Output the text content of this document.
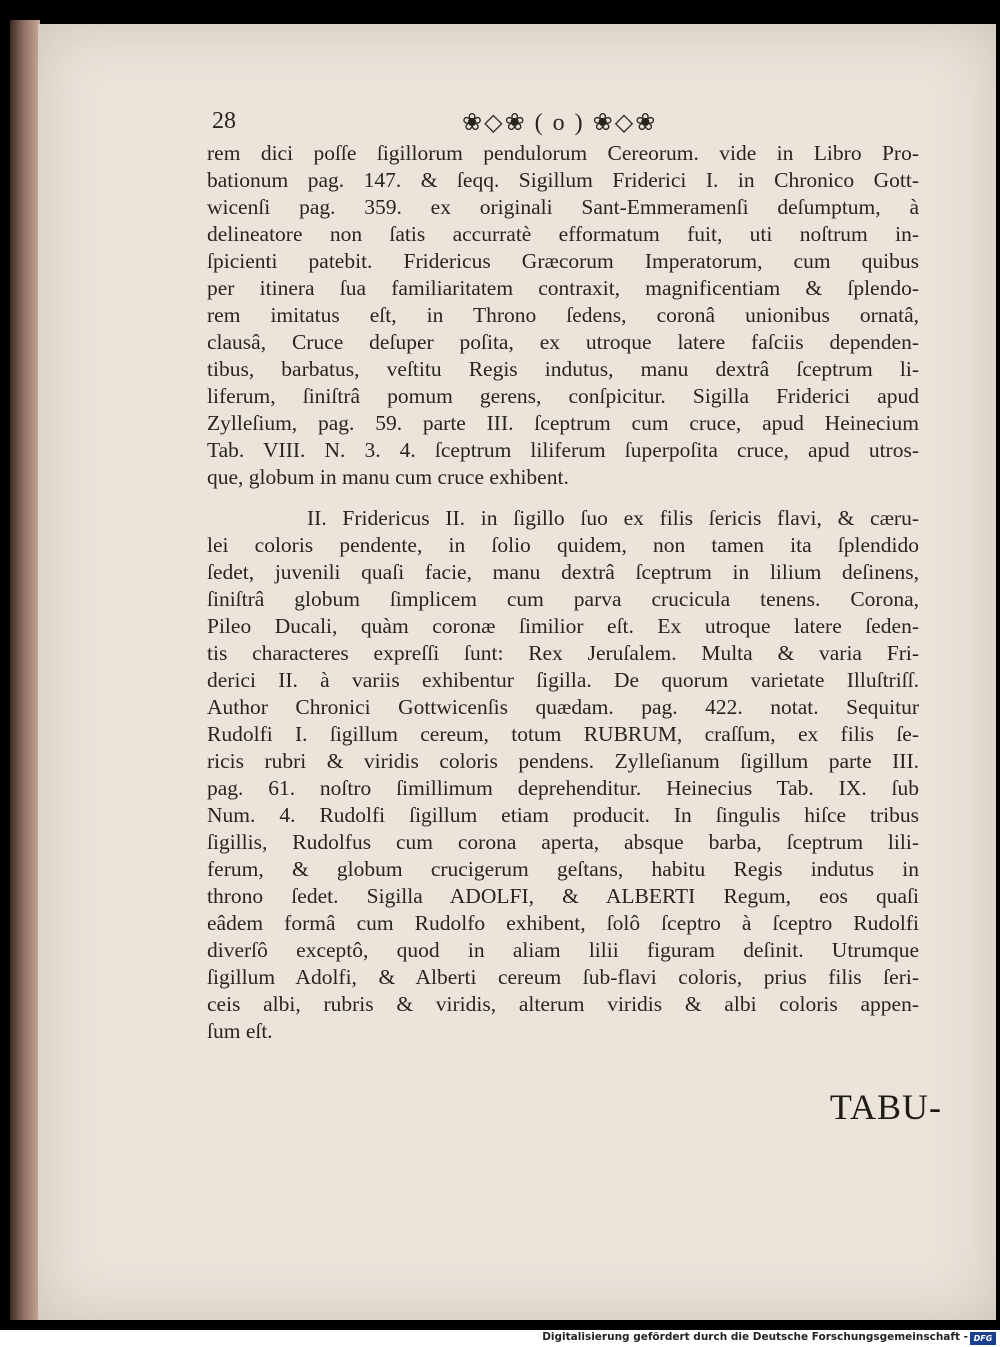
28	❀◇❀ ( o ) ❀◇❀
rem dici poſſe ſigillorum pendulorum Cereorum. vide in Libro Pro-
bationum pag. 147. & ſeqq. Sigillum Friderici I. in Chronico Gott-
wicenſi pag. 359. ex originali Sant-Emmeramenſi deſumptum, à
delineatore non ſatis accurratè efformatum fuit, uti noſtrum in-
ſpicienti patebit. Fridericus Græcorum Imperatorum, cum quibus
per itinera ſua familiaritatem contraxit, magnificentiam & ſplendo-
rem imitatus eſt, in Throno ſedens, coronâ unionibus ornatâ,
clausâ, Cruce deſuper poſita, ex utroque latere faſciis dependen-
tibus, barbatus, veſtitu Regis indutus, manu dextrâ ſceptrum li-
liferum, ſiniſtrâ pomum gerens, conſpicitur. Sigilla Friderici apud
Zylleſium, pag. 59. parte III. ſceptrum cum cruce, apud Heinecium
Tab. VIII. N. 3. 4. ſceptrum liliferum ſuperpoſita cruce, apud utros-
que, globum in manu cum cruce exhibent.
II. Fridericus II. in ſigillo ſuo ex filis ſericis flavi, & cæru-
lei coloris pendente, in ſolio quidem, non tamen ita ſplendido
ſedet, juvenili quaſi facie, manu dextrâ ſceptrum in lilium deſinens,
ſiniſtrâ globum ſimplicem cum parva crucicula tenens. Corona,
Pileo Ducali, quàm coronæ ſimilior eſt. Ex utroque latere ſeden-
tis characteres expreſſi ſunt: Rex Jeruſalem. Multa & varia Fri-
derici II. à variis exhibentur ſigilla. De quorum varietate Illuſtriſſ.
Author Chronici Gottwicenſis quædam. pag. 422. notat. Sequitur
Rudolfi I. ſigillum cereum, totum RUBRUM, craſſum, ex filis ſe-
ricis rubri & viridis coloris pendens. Zylleſianum ſigillum parte III.
pag. 61. noſtro ſimillimum deprehenditur. Heinecius Tab. IX. ſub
Num. 4. Rudolfi ſigillum etiam producit. In ſingulis hiſce tribus
ſigillis, Rudolfus cum corona aperta, absque barba, ſceptrum lili-
ferum, & globum crucigerum geſtans, habitu Regis indutus in
throno ſedet. Sigilla ADOLFI, & ALBERTI Regum, eos quaſi
eâdem formâ cum Rudolfo exhibent, ſolô ſceptro à ſceptro Rudolfi
diverſô exceptô, quod in aliam lilii figuram deſinit. Utrumque
ſigillum Adolfi, & Alberti cereum ſub-flavi coloris, prius filis ſeri-
ceis albi, rubris & viridis, alterum viridis & albi coloris appen-
ſum eſt.
TABU-
Digitalisierung gefördert durch die Deutsche Forschungsgemeinschaft - DFG
